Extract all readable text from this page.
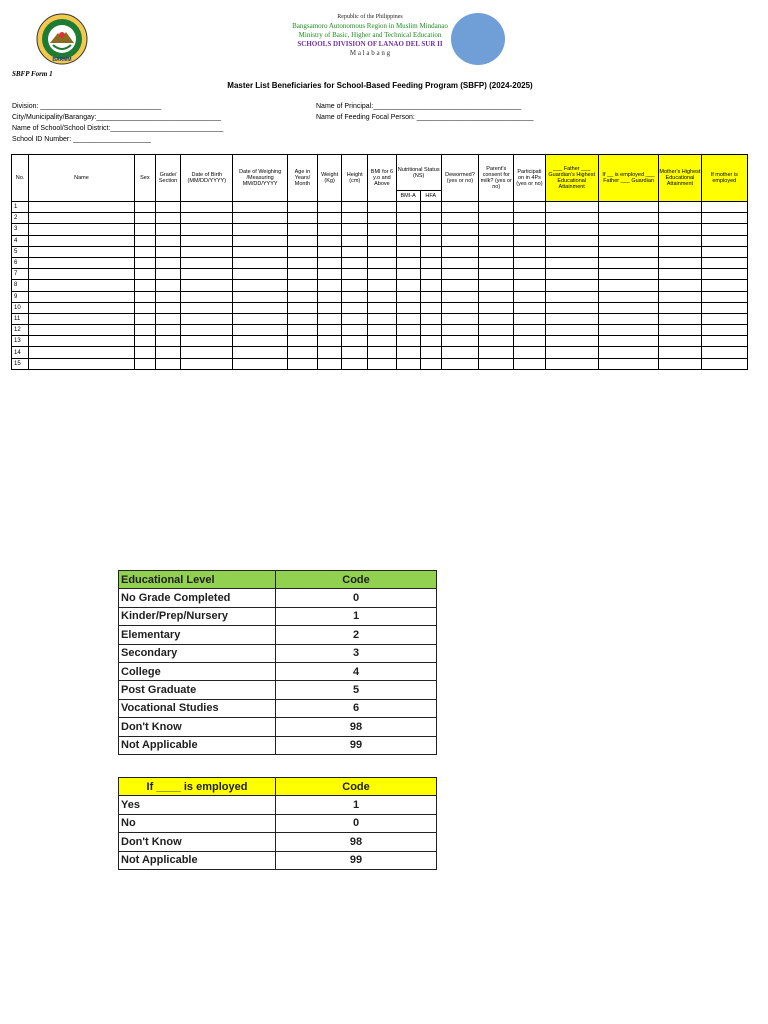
BARMM
Republic of the Philippines
Bangsamoro Autonomous Region in Muslim Mindanao
Ministry of Basic, Higher and Technical Education
SCHOOLS DIVISION OF LANAO DEL SUR II
M a l a b a n g
SBFP Form 1
Master List Beneficiaries for School-Based Feeding Program (SBFP) (2024-2025)
Division: _______________________________
City/Municipality/Barangay:________________________________
Name of School/School District:_____________________________
School ID Number: ____________________
Name of Principal:______________________________________
Name of Feeding Focal Person: ______________________________
No.	Name	Sex	Grade/ Section	Date of Birth (MM/DD/YYYY)	Date of Weighing /Measuring MM/DD/YYYY	Age in Years/ Month	Weight (Kg)	Height (cm)	BMI for 6 y.o and Above	Nutritional Status (NS)		Dewormed? (yes or no)	Parent's consent for milk? (yes or no)	Participati on in 4Ps (yes or no)	___ Father ___ Guardian's Highest Educational Attainment	If __ is employed ___ Father ___ Guardian	Mother's Highest Educational Attainment	If mother is employed
										BMI-A	HFA							
1																		
2																		
3																		
4																		
5																		
6																		
7																		
8																		
9																		
10																		
11																		
12																		
13																		
14																		
15																		
Educational Level	Code
No Grade Completed	0
Kinder/Prep/Nursery	1
Elementary	2
Secondary	3
College	4
Post Graduate	5
Vocational Studies	6
Don't Know	98
Not Applicable	99
If ____ is employed	Code
Yes	1
No	0
Don't Know	98
Not Applicable	99
